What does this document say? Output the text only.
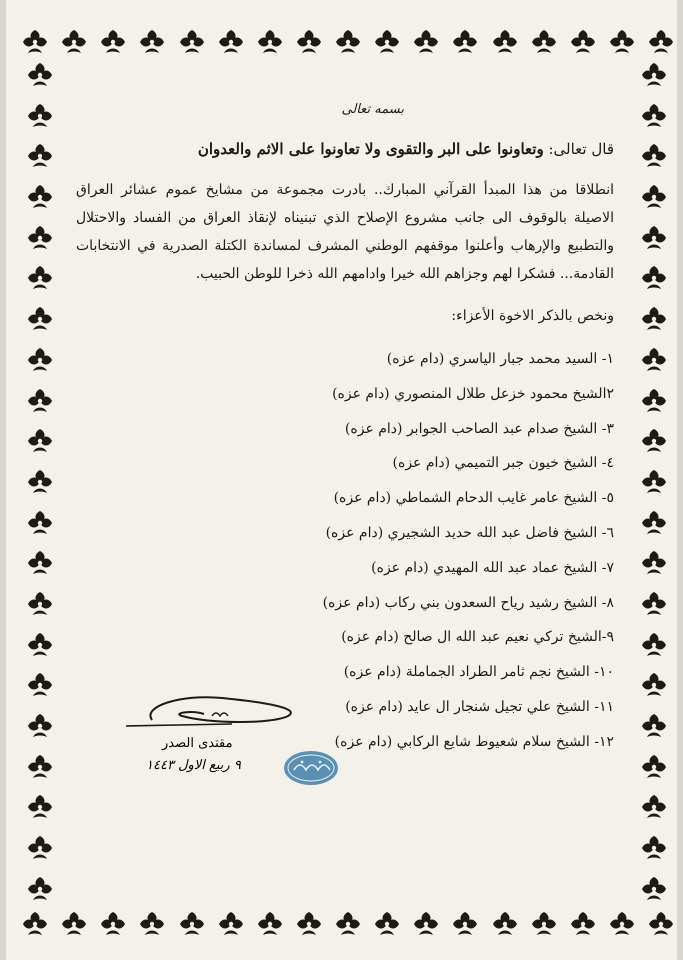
بسمه تعالى
قال تعالى: وتعاونوا على البر والتقوى ولا تعاونوا على الاثم والعدوان
انطلاقا من هذا المبدأ القرآني المبارك.. بادرت مجموعة من مشايخ عموم عشائر العراق الاصيلة بالوقوف الى جانب مشروع الإصلاح الذي تبنيناه لإنقاذ العراق من الفساد والاحتلال والتطبيع والإرهاب وأعلنوا موقفهم الوطني المشرف لمساندة الكتلة الصدرية في الانتخابات القادمة... فشكرا لهم وجزاهم الله خيرا وادامهم الله ذخرا للوطن الحبيب.
ونخص بالذكر الاخوة الأعزاء:
١- السيد محمد جبار الياسري (دام عزه)
٢الشيخ محمود خزعل طلال المنصوري (دام عزه)
٣- الشيخ صدام عبد الصاحب الجوابر (دام عزه)
٤- الشيخ خيون جبر التميمي (دام عزه)
٥- الشيخ عامر غايب الدحام الشماطي (دام عزه)
٦- الشيخ فاضل عبد الله حديد الشجيري (دام عزه)
٧- الشيخ عماد عبد الله المهيدي (دام عزه)
٨- الشيخ رشيد رياح السعدون بني ركاب (دام عزه)
٩-الشيخ تركي نعيم عبد الله ال صالح (دام عزه)
١٠- الشيخ نجم ثامر الطراد الجماملة (دام عزه)
١١- الشيخ علي تجيل شنجار ال عايد (دام عزه)
١٢- الشيخ سلام شعيوط شايع الركابي (دام عزه)
مقتدى الصدر
٩ ربيع الاول ١٤٤٣
